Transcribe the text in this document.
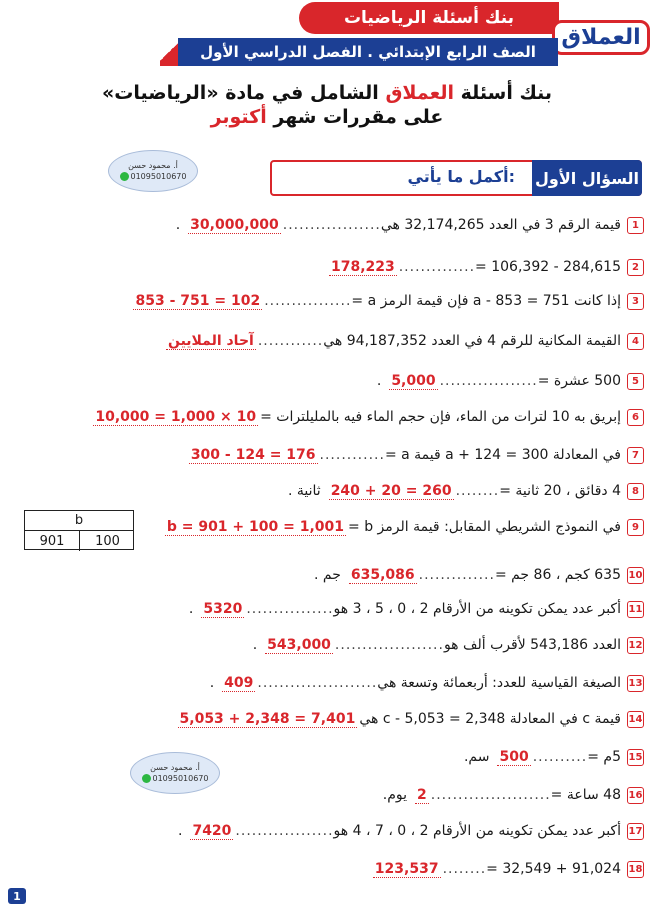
بنك أسئلة الرياضيات
العملاق
الصف الرابع الإبتدائي . الفصل الدراسي الأول
بنك أسئلة العملاق الشامل في مادة «الرياضيات»
على مقررات شهر أكتوبر
أ. محمود حسن
01095010670	السؤال الأول
أكمل ما يأتي:
b
901	100
1
قيمة الرقم 3 في العدد 32,174,265 هي
..................
30,000,000
.
2
284,615 - 106,392 =
..............
178,223
3
إذا كانت 751 = a - 853 فإن قيمة الرمز a =
................
853 - 751 = 102
4
القيمة المكانية للرقم 4 في العدد 94,187,352 هي
............
آحاد الملايين
5
500 عشرة =
..................
5,000
.
6
إبريق به 10 لترات من الماء، فإن حجم الماء فيه بالمليلترات =
10,000 = 1,000 × 10
7
في المعادلة 300 = a + 124 قيمة a =
............
300 - 124 = 176
8
4 دقائق ، 20 ثانية =
........
240 + 20 = 260
ثانية .
9
في النموذج الشريطي المقابل: قيمة الرمز b =
b = 901 + 100 = 1,001
10
635 كجم ، 86 جم =
..............
635,086
جم .
11
أكبر عدد يمكن تكوينه من الأرقام 2 ، 0 ، 5 ، 3 هو
................
5320
.
12
العدد 543,186 لأقرب ألف هو
....................
543,000
.
13
الصيغة القياسية للعدد: أربعمائة وتسعة هي
......................
409
.
14
قيمة c في المعادلة 2,348 = 5,053 - c هي
5,053 + 2,348 = 7,401
15
5م =
..........
500
سم.
16
48 ساعة =
......................
2
يوم.
17
أكبر عدد يمكن تكوينه من الأرقام 2 ، 0 ، 7 ، 4 هو
..................
7420
.
18
91,024 + 32,549 =
........
123,537
أ. محمود حسن
01095010670
1
